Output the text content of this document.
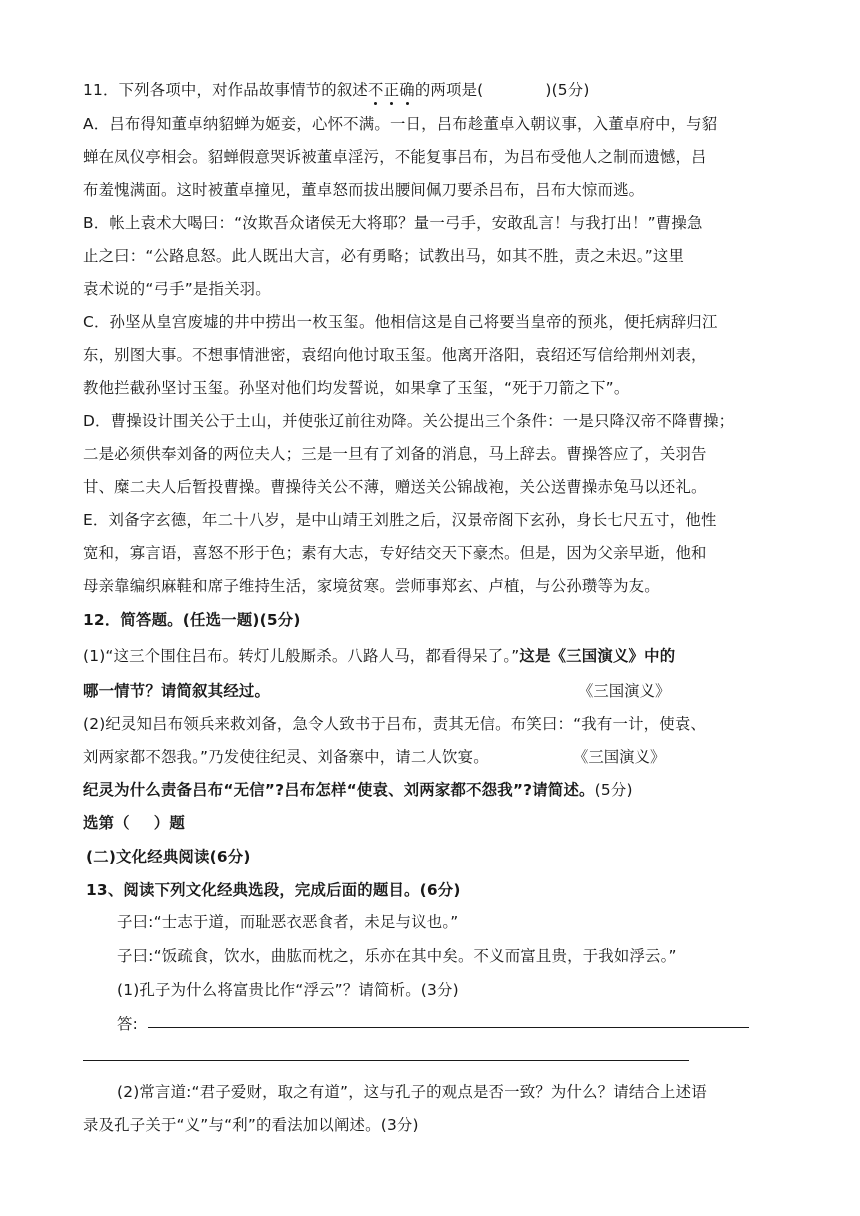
11．下列各项中，对作品故事情节的叙述不正确的两项是(	)(5分)
A．吕布得知董卓纳貂蝉为姬妾，心怀不满。一日，吕布趁董卓入朝议事，入董卓府中，与貂
蝉在凤仪亭相会。貂蝉假意哭诉被董卓淫污，不能复事吕布，为吕布受他人之制而遗憾，吕
布羞愧满面。这时被董卓撞见，董卓怒而拔出腰间佩刀要杀吕布，吕布大惊而逃。
B．帐上袁术大喝曰：“汝欺吾众诸侯无大将耶？量一弓手，安敢乱言！与我打出！”曹操急
止之曰：“公路息怒。此人既出大言，必有勇略；试教出马，如其不胜，责之未迟。”这里
袁术说的“弓手”是指关羽。
C．孙坚从皇宫废墟的井中捞出一枚玉玺。他相信这是自己将要当皇帝的预兆，便托病辞归江
东，别图大事。不想事情泄密，袁绍向他讨取玉玺。他离开洛阳，袁绍还写信给荆州刘表，
教他拦截孙坚讨玉玺。孙坚对他们均发誓说，如果拿了玉玺，“死于刀箭之下”。
D．曹操设计围关公于土山，并使张辽前往劝降。关公提出三个条件：一是只降汉帝不降曹操；
二是必须供奉刘备的两位夫人；三是一旦有了刘备的消息，马上辞去。曹操答应了，关羽告
甘、糜二夫人后暂投曹操。曹操待关公不薄，赠送关公锦战袍，关公送曹操赤兔马以还礼。
E．刘备字玄德，年二十八岁，是中山靖王刘胜之后，汉景帝阁下玄孙，身长七尺五寸，他性
宽和，寡言语，喜怒不形于色；素有大志，专好结交天下豪杰。但是，因为父亲早逝，他和
母亲靠编织麻鞋和席子维持生活，家境贫寒。尝师事郑玄、卢植，与公孙瓒等为友。
12．简答题。(任选一题)(5分)
(1)“这三个围住吕布。转灯儿般厮杀。八路人马，都看得呆了。”这是《三国演义》中的
哪一情节？请简叙其经过。	《三国演义》
(2)纪灵知吕布领兵来救刘备，急令人致书于吕布，责其无信。布笑曰：“我有一计，使袁、
刘两家都不怨我。”乃发使往纪灵、刘备寨中，请二人饮宴。	《三国演义》
纪灵为什么责备吕布“无信”?吕布怎样“使袁、刘两家都不怨我”?请简述。(5分)
选第（ ）题
(二)文化经典阅读(6分)
13、阅读下列文化经典选段，完成后面的题目。(6分)
子曰:“士志于道，而耻恶衣恶食者，未足与议也。”
子曰:“饭疏食，饮水，曲肱而枕之，乐亦在其中矣。不义而富且贵，于我如浮云。”
(1)孔子为什么将富贵比作“浮云”？请简析。(3分)
答:
(2)常言道:“君子爱财，取之有道”，这与孔子的观点是否一致？为什么？请结合上述语
录及孔子关于“义”与“利”的看法加以阐述。(3分)
